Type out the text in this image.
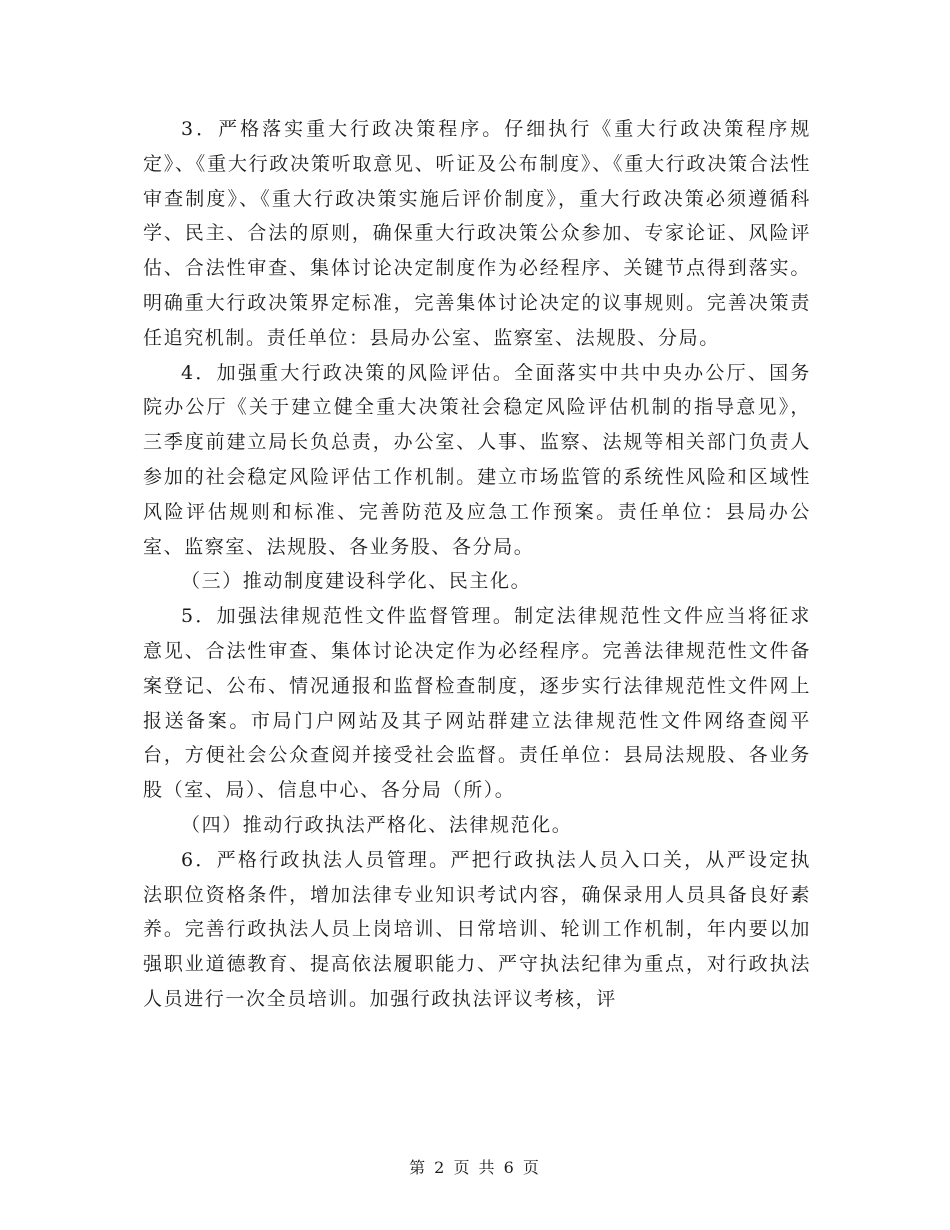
3．严格落实重大行政决策程序。仔细执行《重大行政决策程序规定》、《重大行政决策听取意见、听证及公布制度》、《重大行政决策合法性审查制度》、《重大行政决策实施后评价制度》，重大行政决策必须遵循科学、民主、合法的原则，确保重大行政决策公众参加、专家论证、风险评估、合法性审查、集体讨论决定制度作为必经程序、关键节点得到落实。明确重大行政决策界定标准，完善集体讨论决定的议事规则。完善决策责任追究机制。责任单位：县局办公室、监察室、法规股、分局。

4．加强重大行政决策的风险评估。全面落实中共中央办公厅、国务院办公厅《关于建立健全重大决策社会稳定风险评估机制的指导意见》，三季度前建立局长负总责，办公室、人事、监察、法规等相关部门负责人参加的社会稳定风险评估工作机制。建立市场监管的系统性风险和区域性风险评估规则和标准、完善防范及应急工作预案。责任单位：县局办公室、监察室、法规股、各业务股、各分局。

（三）推动制度建设科学化、民主化。

5．加强法律规范性文件监督管理。制定法律规范性文件应当将征求意见、合法性审查、集体讨论决定作为必经程序。完善法律规范性文件备案登记、公布、情况通报和监督检查制度，逐步实行法律规范性文件网上报送备案。市局门户网站及其子网站群建立法律规范性文件网络查阅平台，方便社会公众查阅并接受社会监督。责任单位：县局法规股、各业务股（室、局）、信息中心、各分局（所）。

（四）推动行政执法严格化、法律规范化。

6．严格行政执法人员管理。严把行政执法人员入口关，从严设定执法职位资格条件，增加法律专业知识考试内容，确保录用人员具备良好素养。完善行政执法人员上岗培训、日常培训、轮训工作机制，年内要以加强职业道德教育、提高依法履职能力、严守执法纪律为重点，对行政执法人员进行一次全员培训。加强行政执法评议考核，评

第 2 页 共 6 页
